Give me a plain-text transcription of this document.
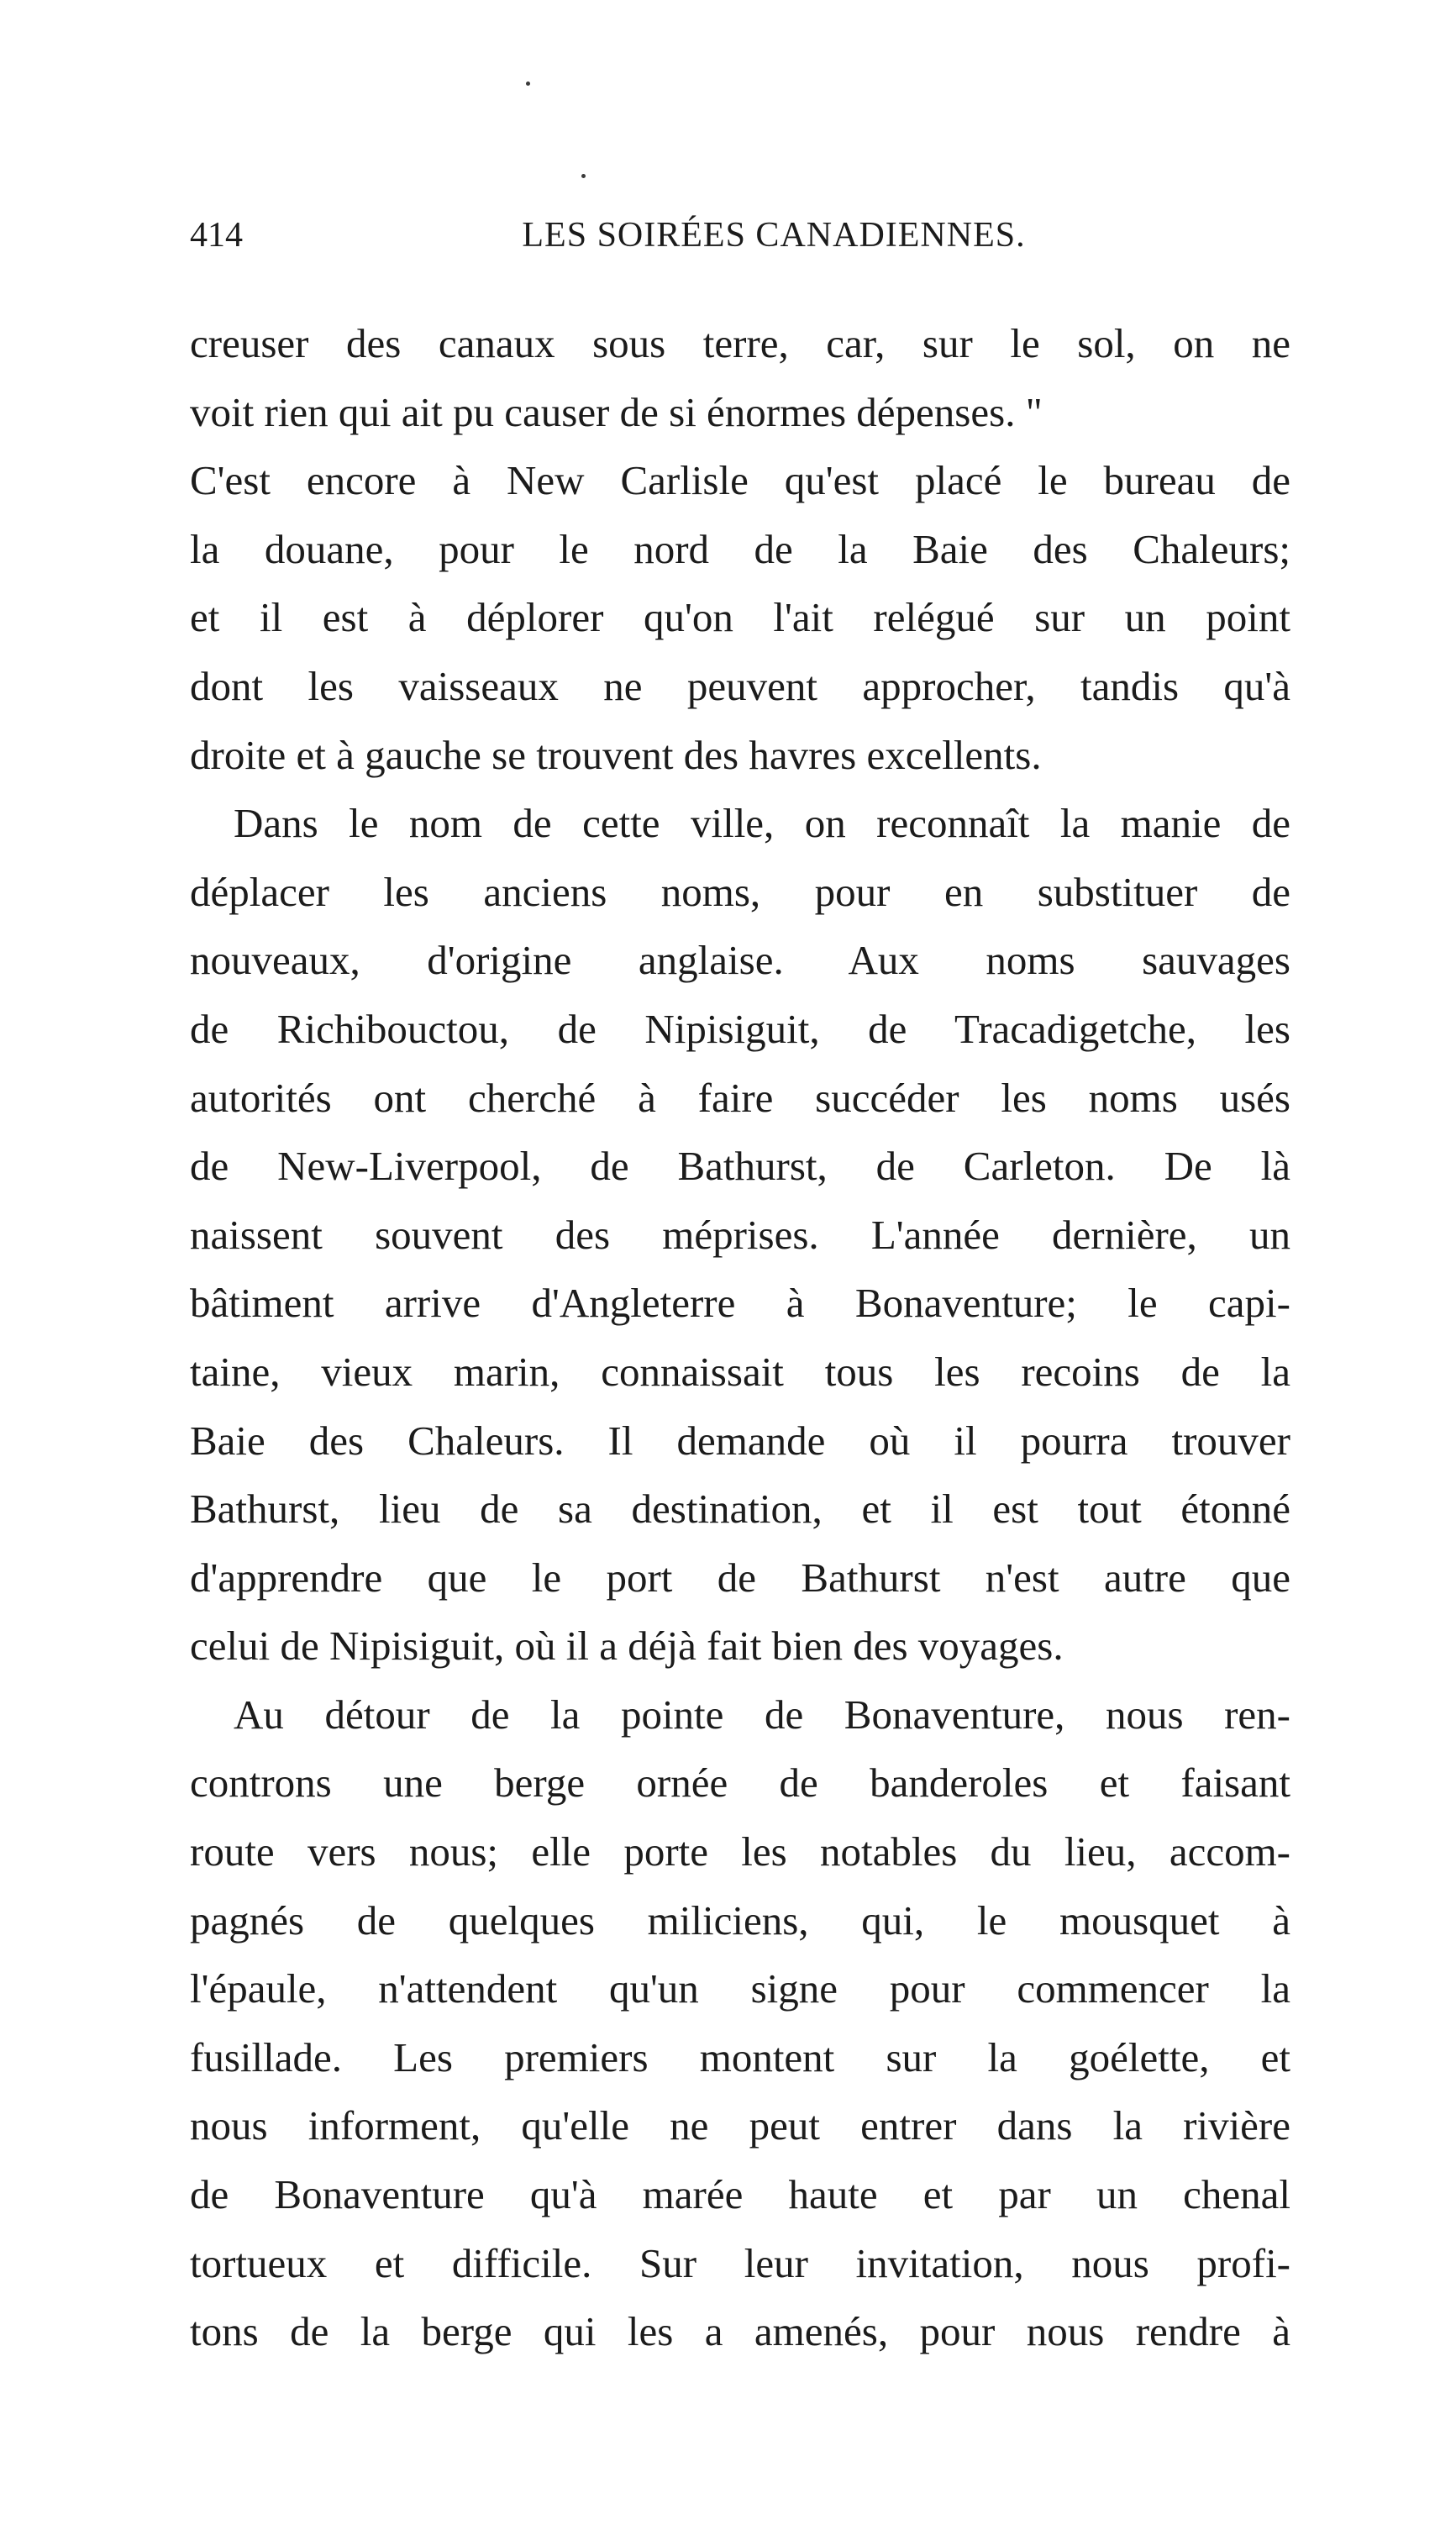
414	LES SOIRÉES CANADIENNES.
creuser des canaux sous terre, car, sur le sol, on ne
voit rien qui ait pu causer de si énormes dépenses. "
C'est encore à New Carlisle qu'est placé le bureau de
la douane, pour le nord de la Baie des Chaleurs;
et il est à déplorer qu'on l'ait relégué sur un point
dont les vaisseaux ne peuvent approcher, tandis qu'à
droite et à gauche se trouvent des havres excellents.
Dans le nom de cette ville, on reconnaît la manie de
déplacer les anciens noms, pour en substituer de
nouveaux, d'origine anglaise. Aux noms sauvages
de Richibouctou, de Nipisiguit, de Tracadigetche, les
autorités ont cherché à faire succéder les noms usés
de New-Liverpool, de Bathurst, de Carleton. De là
naissent souvent des méprises. L'année dernière, un
bâtiment arrive d'Angleterre à Bonaventure; le capi-
taine, vieux marin, connaissait tous les recoins de la
Baie des Chaleurs. Il demande où il pourra trouver
Bathurst, lieu de sa destination, et il est tout étonné
d'apprendre que le port de Bathurst n'est autre que
celui de Nipisiguit, où il a déjà fait bien des voyages.
Au détour de la pointe de Bonaventure, nous ren-
controns une berge ornée de banderoles et faisant
route vers nous; elle porte les notables du lieu, accom-
pagnés de quelques miliciens, qui, le mousquet à
l'épaule, n'attendent qu'un signe pour commencer la
fusillade. Les premiers montent sur la goélette, et
nous informent, qu'elle ne peut entrer dans la rivière
de Bonaventure qu'à marée haute et par un chenal
tortueux et difficile. Sur leur invitation, nous profi-
tons de la berge qui les a amenés, pour nous rendre à
